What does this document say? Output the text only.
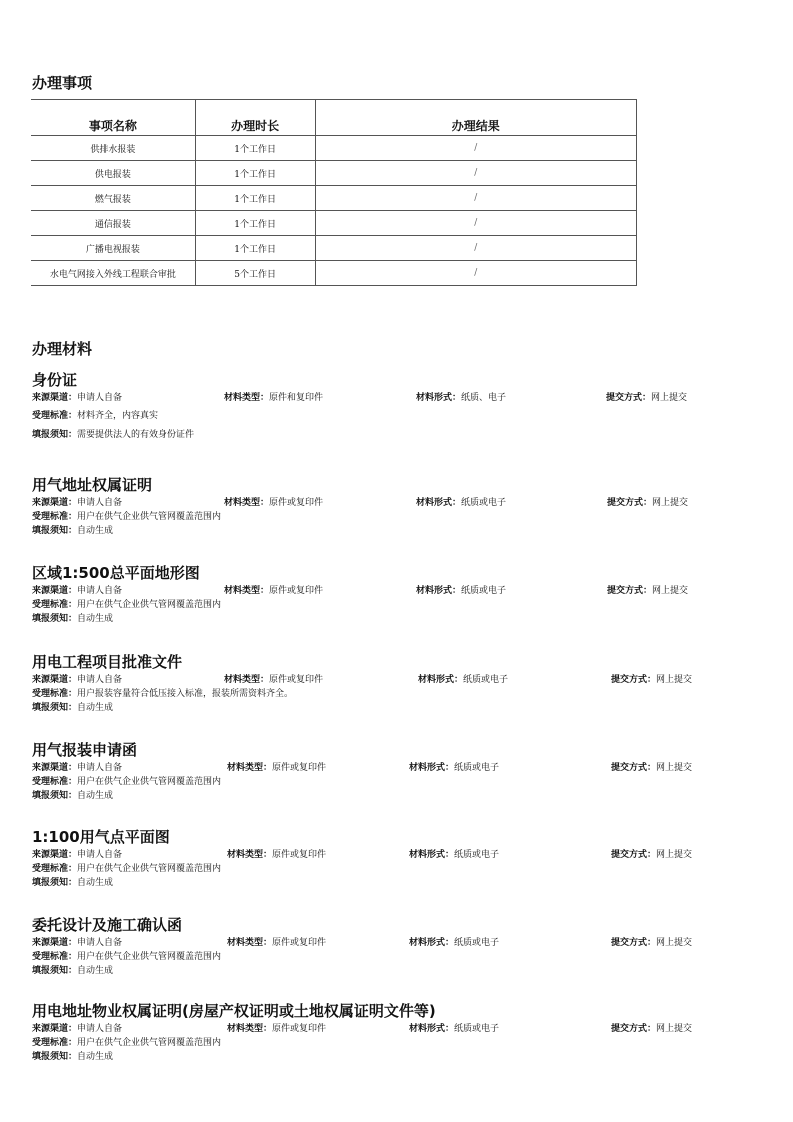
办理事项
事项名称	办理时长	办理结果
供排水报装	1个工作日	/
供电报装	1个工作日	/
燃气报装	1个工作日	/
通信报装	1个工作日	/
广播电视报装	1个工作日	/
水电气网接入外线工程联合审批	5个工作日	/
办理材料
身份证
来源渠道：申请人自备	材料类型：原件和复印件	材料形式：纸质、电子	提交方式：网上提交
受理标准：材料齐全，内容真实
填报须知：需要提供法人的有效身份证件
用气地址权属证明
来源渠道：申请人自备	材料类型：原件或复印件	材料形式：纸质或电子	提交方式：网上提交
受理标准：用户在供气企业供气管网覆盖范围内
填报须知：自动生成
区域1:500总平面地形图
来源渠道：申请人自备	材料类型：原件或复印件	材料形式：纸质或电子	提交方式：网上提交
受理标准：用户在供气企业供气管网覆盖范围内
填报须知：自动生成
用电工程项目批准文件
来源渠道：申请人自备	材料类型：原件或复印件	材料形式：纸质或电子	提交方式：网上提交
受理标准：用户报装容量符合低压接入标准，报装所需资料齐全。
填报须知：自动生成
用气报装申请函
来源渠道：申请人自备	材料类型：原件或复印件	材料形式：纸质或电子	提交方式：网上提交
受理标准：用户在供气企业供气管网覆盖范围内
填报须知：自动生成
1:100用气点平面图
来源渠道：申请人自备	材料类型：原件或复印件	材料形式：纸质或电子	提交方式：网上提交
受理标准：用户在供气企业供气管网覆盖范围内
填报须知：自动生成
委托设计及施工确认函
来源渠道：申请人自备	材料类型：原件或复印件	材料形式：纸质或电子	提交方式：网上提交
受理标准：用户在供气企业供气管网覆盖范围内
填报须知：自动生成
用电地址物业权属证明(房屋产权证明或土地权属证明文件等)
来源渠道：申请人自备	材料类型：原件或复印件	材料形式：纸质或电子	提交方式：网上提交
受理标准：用户在供气企业供气管网覆盖范围内
填报须知：自动生成
